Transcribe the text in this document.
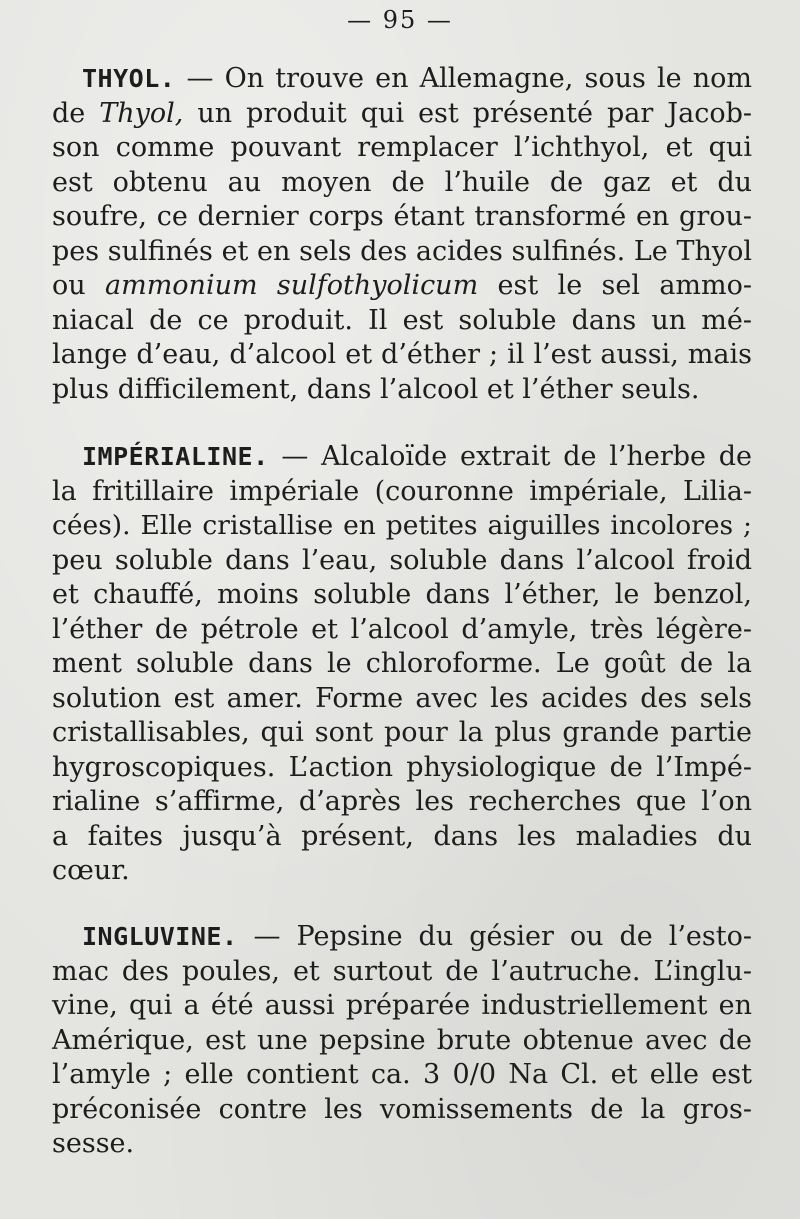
— 95 —

THYOL. — On trouve en Allemagne, sous le nom
de Thyol, un produit qui est présenté par Jacob-
son comme pouvant remplacer l’ichthyol, et qui
est obtenu au moyen de l’huile de gaz et du
soufre, ce dernier corps étant transformé en grou-
pes sulfinés et en sels des acides sulfinés. Le Thyol
ou ammonium sulfothyolicum est le sel ammo-
niacal de ce produit. Il est soluble dans un mé-
lange d’eau, d’alcool et d’éther ; il l’est aussi, mais
plus difficilement, dans l’alcool et l’éther seuls.

IMPÉRIALINE. — Alcaloïde extrait de l’herbe de
la fritillaire impériale (couronne impériale, Lilia-
cées). Elle cristallise en petites aiguilles incolores ;
peu soluble dans l’eau, soluble dans l’alcool froid
et chauffé, moins soluble dans l’éther, le benzol,
l’éther de pétrole et l’alcool d’amyle, très légère-
ment soluble dans le chloroforme. Le goût de la
solution est amer. Forme avec les acides des sels
cristallisables, qui sont pour la plus grande partie
hygroscopiques. L’action physiologique de l’Impé-
rialine s’affirme, d’après les recherches que l’on
a faites jusqu’à présent, dans les maladies du
cœur.

INGLUVINE. — Pepsine du gésier ou de l’esto-
mac des poules, et surtout de l’autruche. L’inglu-
vine, qui a été aussi préparée industriellement en
Amérique, est une pepsine brute obtenue avec de
l’amyle ; elle contient ca. 3 0/0 Na Cl. et elle est
préconisée contre les vomissements de la gros-
sesse.
